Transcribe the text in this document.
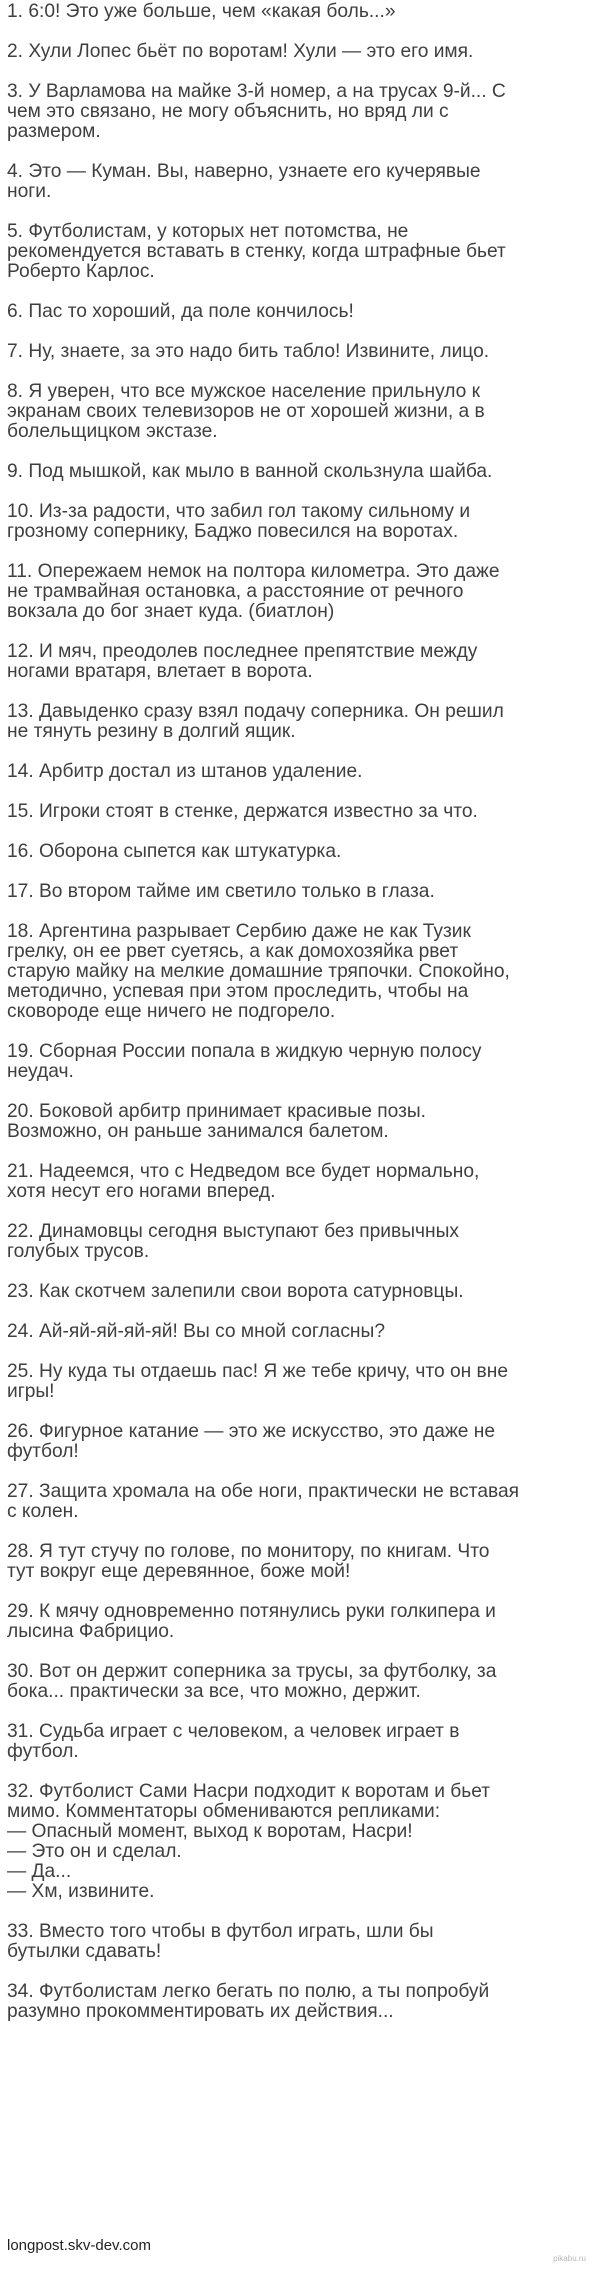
1. 6:0! Это уже больше, чем «какая боль...»
2. Хули Лопес бьёт по воротам! Хули — это его имя.
3. У Варламова на майке 3-й номер, а на трусах 9-й... С
чем это связано, не могу объяснить, но вряд ли с
размером.
4. Это — Куман. Вы, наверно, узнаете его кучерявые
ноги.
5. Футболистам, у которых нет потомства, не
рекомендуется вставать в стенку, когда штрафные бьет
Роберто Карлос.
6. Пас то хороший, да поле кончилось!
7. Ну, знаете, за это надо бить табло! Извините, лицо.
8. Я уверен, что все мужское население прильнуло к
экранам своих телевизоров не от хорошей жизни, а в
болельщицком экстазе.
9. Под мышкой, как мыло в ванной скользнула шайба.
10. Из-за радости, что забил гол такому сильному и
грозному сопернику, Баджо повесился на воротах.
11. Опережаем немок на полтора километра. Это даже
не трамвайная остановка, а расстояние от речного
вокзала до бог знает куда. (биатлон)
12. И мяч, преодолев последнее препятствие между
ногами вратаря, влетает в ворота.
13. Давыденко сразу взял подачу соперника. Он решил
не тянуть резину в долгий ящик.
14. Арбитр достал из штанов удаление.
15. Игроки стоят в стенке, держатся известно за что.
16. Оборона сыпется как штукатурка.
17. Во втором тайме им светило только в глаза.
18. Аргентина разрывает Сербию даже не как Тузик
грелку, он ее рвет суетясь, а как домохозяйка рвет
старую майку на мелкие домашние тряпочки. Спокойно,
методично, успевая при этом проследить, чтобы на
сковороде еще ничего не подгорело.
19. Сборная России попала в жидкую черную полосу
неудач.
20. Боковой арбитр принимает красивые позы.
Возможно, он раньше занимался балетом.
21. Надеемся, что с Недведом все будет нормально,
хотя несут его ногами вперед.
22. Динамовцы сегодня выступают без привычных
голубых трусов.
23. Как скотчем залепили свои ворота сатурновцы.
24. Ай-яй-яй-яй-яй! Вы со мной согласны?
25. Ну куда ты отдаешь пас! Я же тебе кричу, что он вне
игры!
26. Фигурное катание — это же искусство, это даже не
футбол!
27. Защита хромала на обе ноги, практически не вставая
с колен.
28. Я тут стучу по голове, по монитору, по книгам. Что
тут вокруг еще деревянное, боже мой!
29. К мячу одновременно потянулись руки голкипера и
лысина Фабрицио.
30. Вот он держит соперника за трусы, за футболку, за
бока... практически за все, что можно, держит.
31. Судьба играет с человеком, а человек играет в
футбол.
32. Футболист Сами Насри подходит к воротам и бьет
мимо. Комментаторы обмениваются репликами:
— Опасный момент, выход к воротам, Насри!
— Это он и сделал.
— Да...
— Хм, извините.
33. Вместо того чтобы в футбол играть, шли бы
бутылки сдавать!
34. Футболистам легко бегать по полю, а ты попробуй
разумно прокомментировать их действия...
longpost.skv-dev.com
pikabu.ru
